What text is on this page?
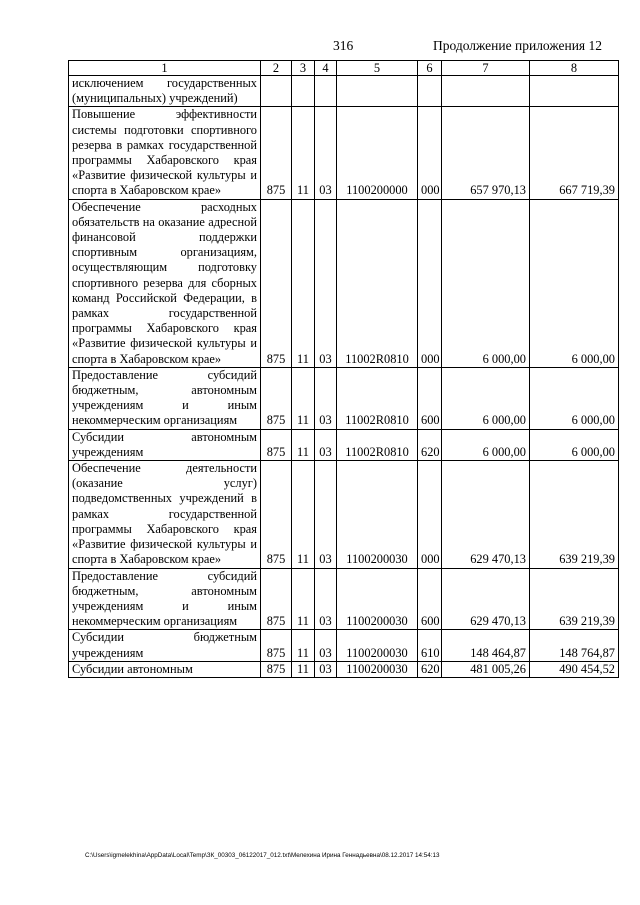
316	Продолжение приложения 12
1	2	3	4	5	6	7	8
исключением государственных (муниципальных) учреждений)							
Повышение эффективности системы подготовки спортивного резерва в рамках государственной программы Хабаровского края «Развитие физической культуры и спорта в Хабаровском крае»	875	11	03	1100200000	000	657 970,13	667 719,39
Обеспечение расходных обязательств на оказание адресной финансовой поддержки спортивным организациям, осуществляющим подготовку спортивного резерва для сборных команд Российской Федерации, в рамках государственной программы Хабаровского края «Развитие физической культуры и спорта в Хабаровском крае»	875	11	03	11002R0810	000	6 000,00	6 000,00
Предоставление субсидий бюджетным, автономным учреждениям и иным некоммерческим организациям	875	11	03	11002R0810	600	6 000,00	6 000,00
Субсидии автономным учреждениям	875	11	03	11002R0810	620	6 000,00	6 000,00
Обеспечение деятельности (оказание услуг) подведомственных учреждений в рамках государственной программы Хабаровского края «Развитие физической культуры и спорта в Хабаровском крае»	875	11	03	1100200030	000	629 470,13	639 219,39
Предоставление субсидий бюджетным, автономным учреждениям и иным некоммерческим организациям	875	11	03	1100200030	600	629 470,13	639 219,39
Субсидии бюджетным учреждениям	875	11	03	1100200030	610	148 464,87	148 764,87
Субсидии автономным	875	11	03	1100200030	620	481 005,26	490 454,52
C:\Users\igmelekhina\AppData\Local\Temp\ЗК_00303_06122017_012.txt\Мелехина Ирина Геннадьевна\08.12.2017 14:54:13
